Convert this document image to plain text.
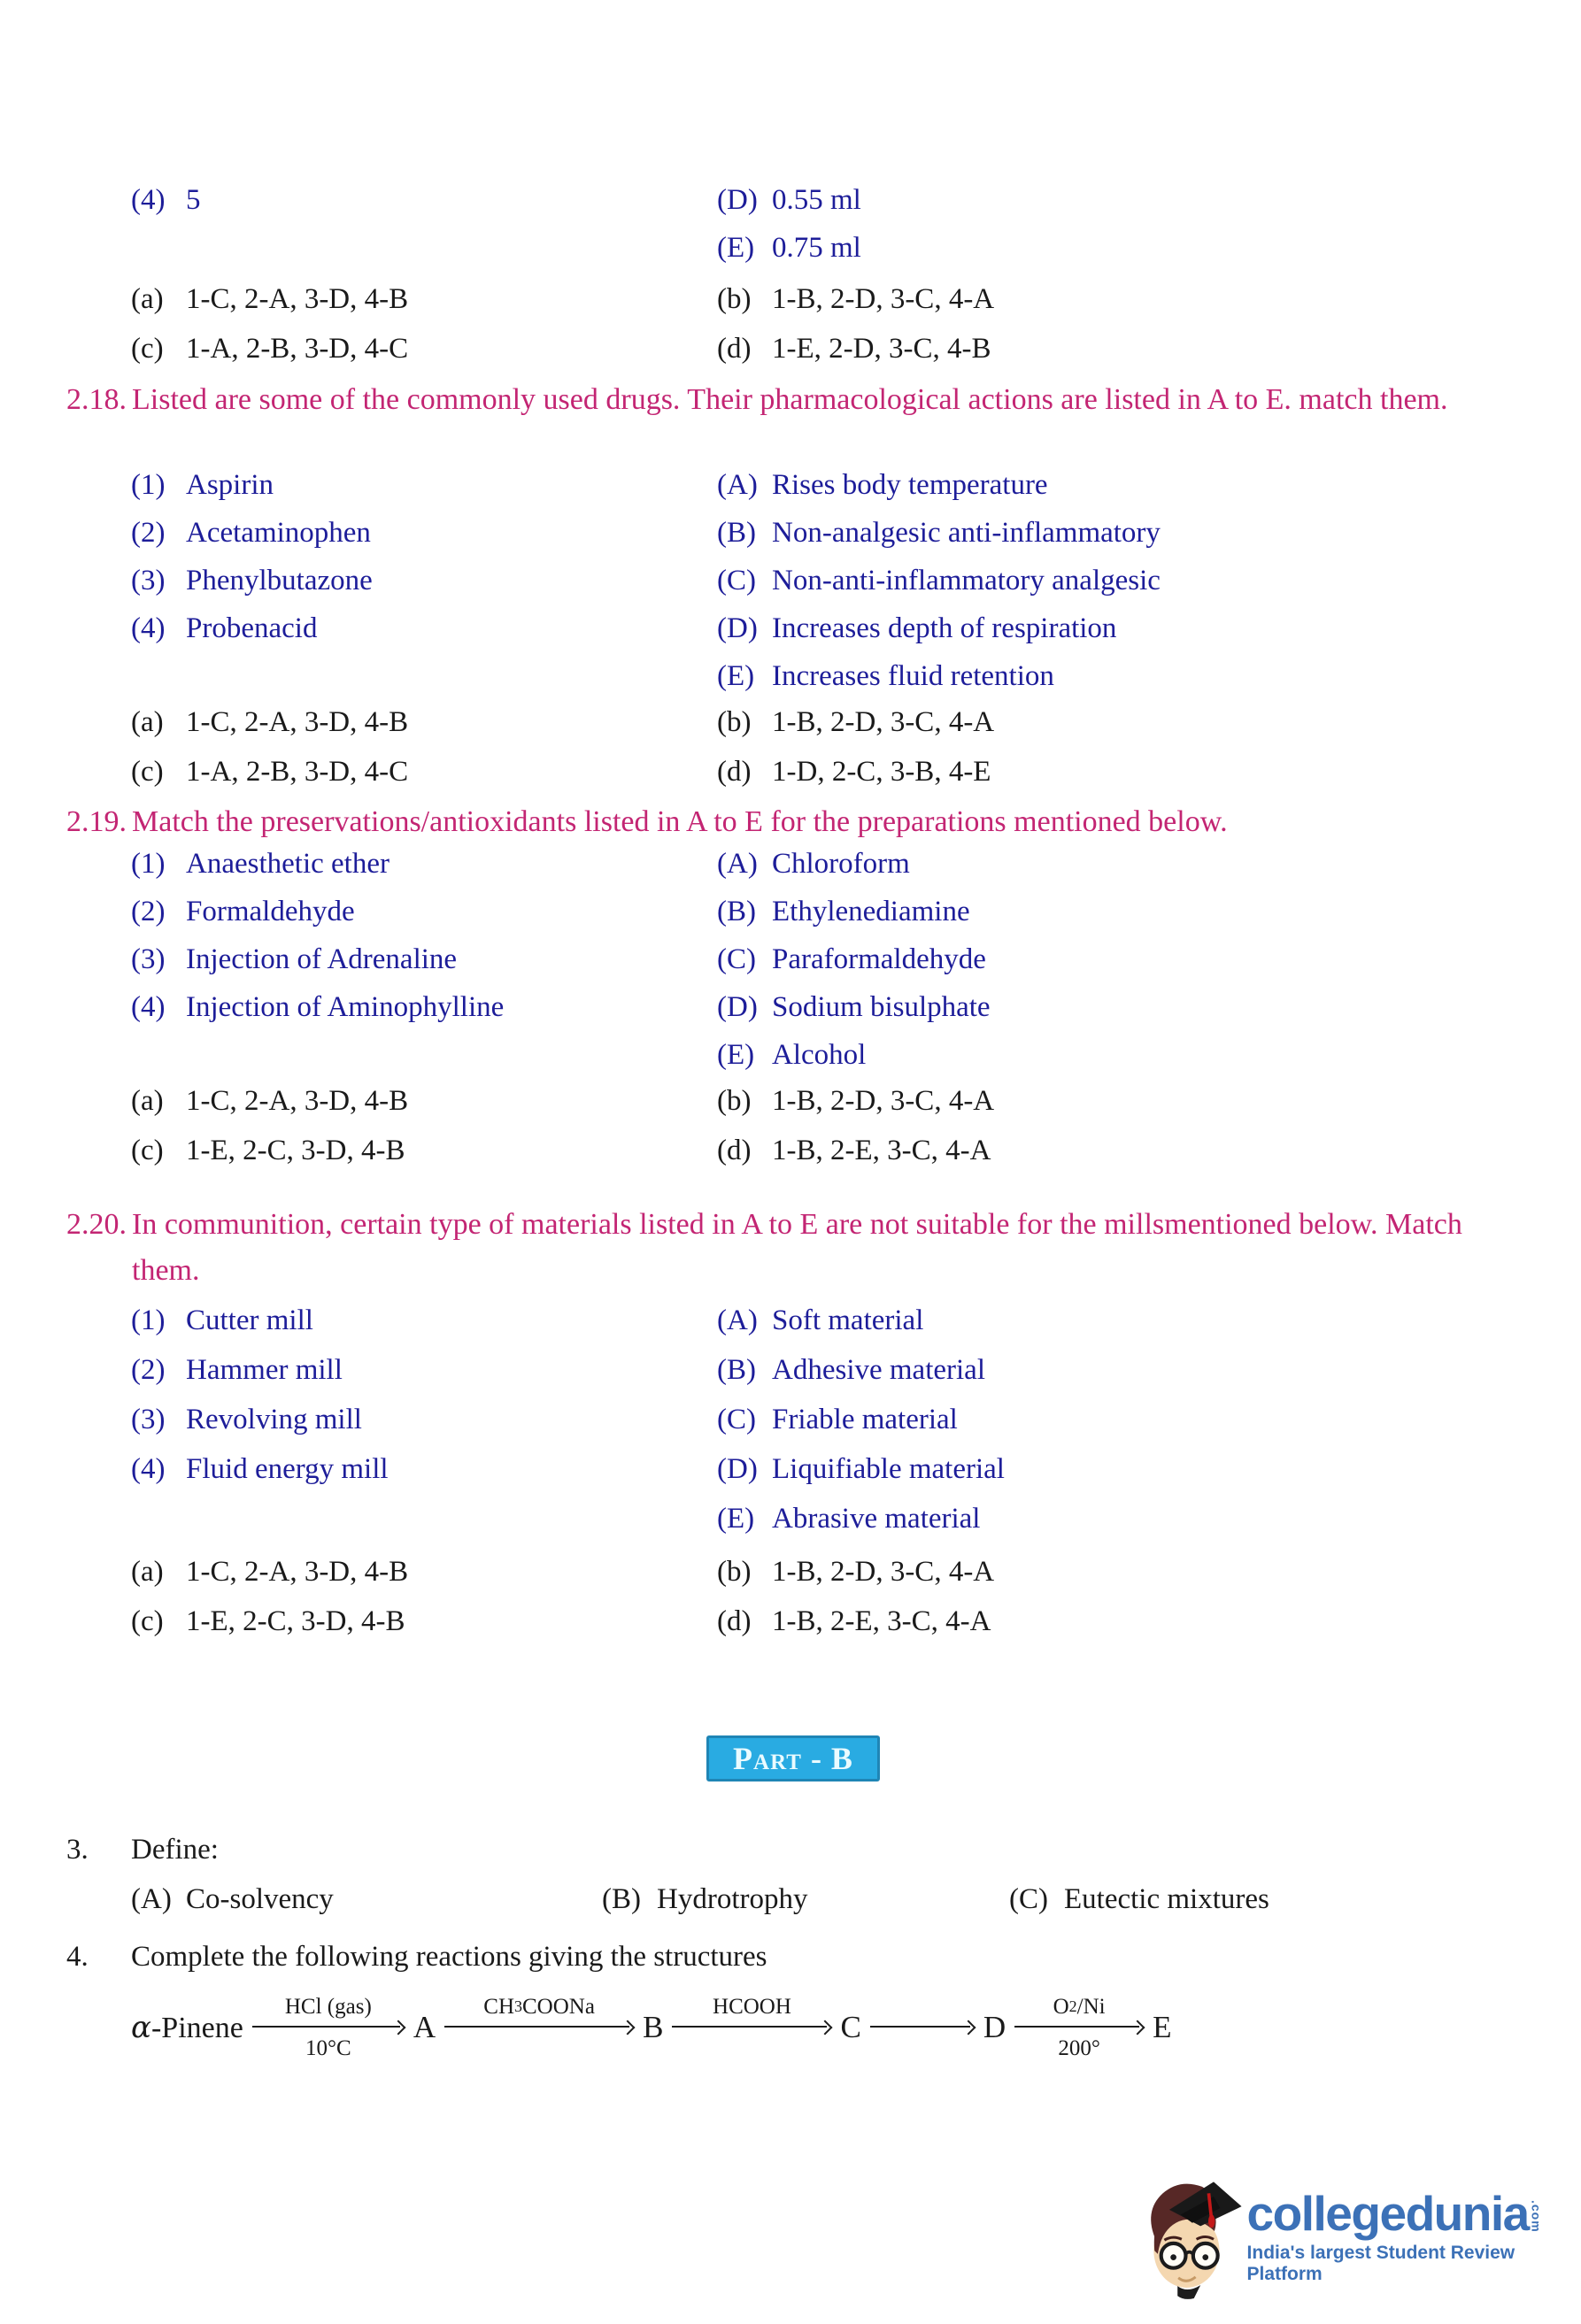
(4) 5	(D) 0.55 ml
(E) 0.75 ml
(a) 1-C, 2-A, 3-D, 4-B	(b) 1-B, 2-D, 3-C, 4-A
(c) 1-A, 2-B, 3-D, 4-C	(d) 1-E, 2-D, 3-C, 4-B
2.18. Listed are some of the commonly used drugs. Their pharmacological actions are listed in A to E. match them.
(1) Aspirin	(A) Rises body temperature
(2) Acetaminophen	(B) Non-analgesic anti-inflammatory
(3) Phenylbutazone	(C) Non-anti-inflammatory analgesic
(4) Probenacid	(D) Increases depth of respiration
(E) Increases fluid retention
(a) 1-C, 2-A, 3-D, 4-B	(b) 1-B, 2-D, 3-C, 4-A
(c) 1-A, 2-B, 3-D, 4-C	(d) 1-D, 2-C, 3-B, 4-E
2.19. Match the preservations/antioxidants listed in A to E for the preparations mentioned below.
(1) Anaesthetic ether	(A) Chloroform
(2) Formaldehyde	(B) Ethylenediamine
(3) Injection of Adrenaline	(C) Paraformaldehyde
(4) Injection of Aminophylline	(D) Sodium bisulphate
(E) Alcohol
(a) 1-C, 2-A, 3-D, 4-B	(b) 1-B, 2-D, 3-C, 4-A
(c) 1-E, 2-C, 3-D, 4-B	(d) 1-B, 2-E, 3-C, 4-A
2.20. In communition, certain type of materials listed in A to E are not suitable for the millsmentioned below. Match them.
(1) Cutter mill	(A) Soft material
(2) Hammer mill	(B) Adhesive material
(3) Revolving mill	(C) Friable material
(4) Fluid energy mill	(D) Liquifiable material
(E) Abrasive material
(a) 1-C, 2-A, 3-D, 4-B	(b) 1-B, 2-D, 3-C, 4-A
(c) 1-E, 2-C, 3-D, 4-B	(d) 1-B, 2-E, 3-C, 4-A
Part - B
3.	Define:
(A) Co-solvency	(B) Hydrotrophy	(C) Eutectic mixtures
4.	Complete the following reactions giving the structures
α-Pinene
HCl (gas)
10°C
A
CH 3 COONa
B
HCOOH
C	D
O 2 /Ni
200°
E
collegedunia .com
India's largest Student Review Platform
